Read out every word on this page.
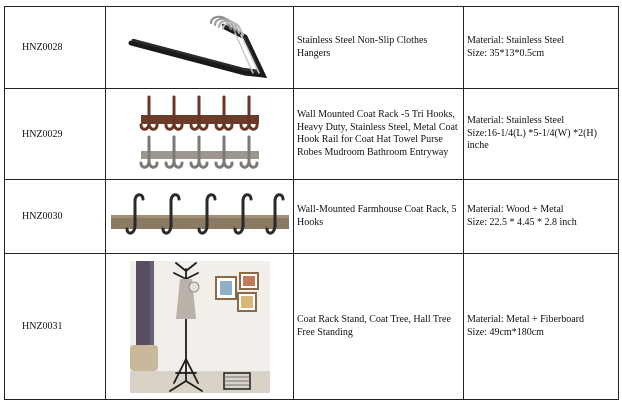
HNZ0028		Stainless Steel Non-Slip Clothes Hangers	Material: Stainless Steel
Size: 35*13*0.5cm

HNZ0029		Wall Mounted Coat Rack -5 Tri Hooks, Heavy Duty, Stainless Steel, Metal Coat Hook Rail for Coat Hat Towel Purse Robes Mudroom Bathroom Entryway	Material: Stainless Steel
Size:16-1/4(L) *5-1/4(W) *2(H) inche

HNZ0030		Wall-Mounted Farmhouse Coat Rack, 5 Hooks	Material: Wood + Metal
Size: 22.5 * 4.45 * 2.8 inch

HNZ0031		Coat Rack Stand, Coat Tree, Hall Tree Free Standing	Material: Metal + Fiberboard
Size: 49cm*180cm
